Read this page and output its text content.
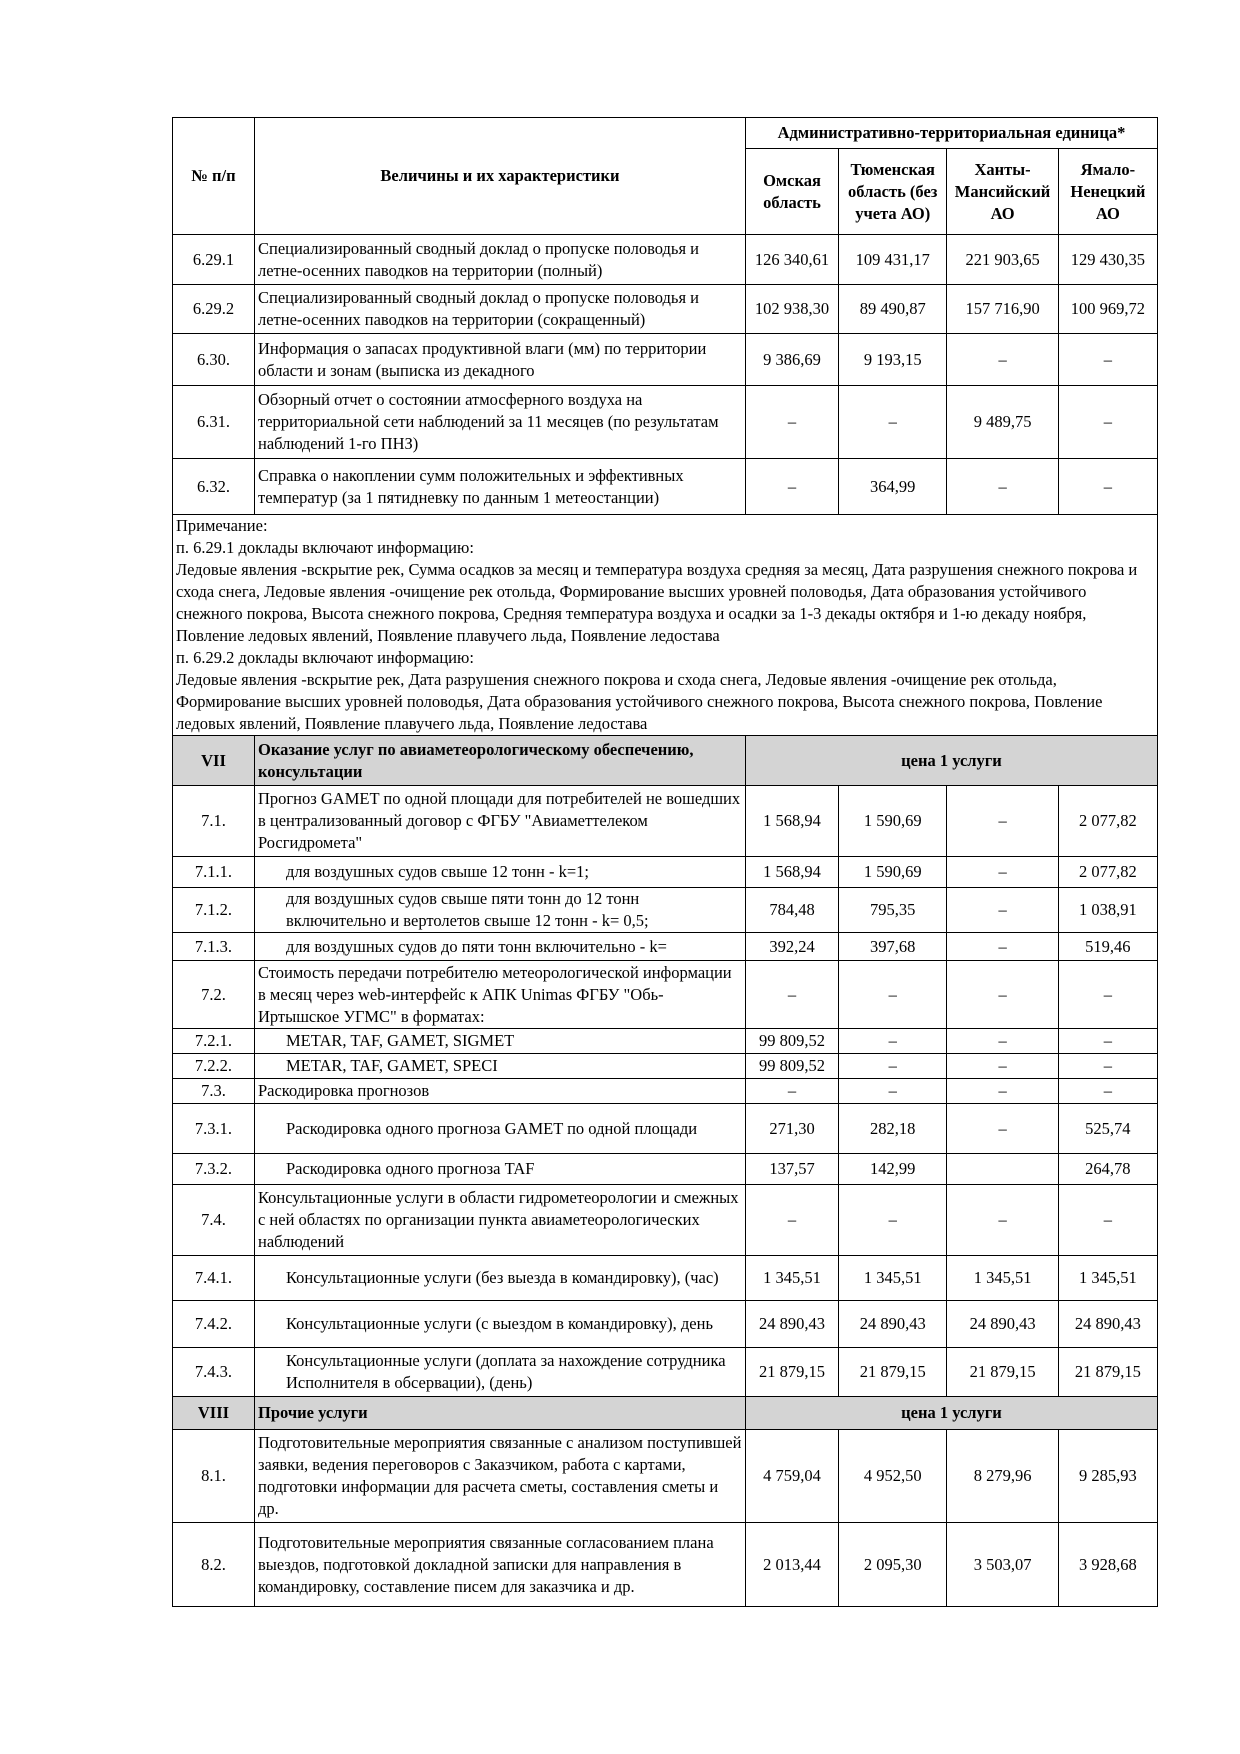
№ п/п	Величины и их характеристики	Административно-территориальная единица*			
		Омская область	Тюменская область (без учета АО)	Ханты-Мансийский АО	Ямало-Ненецкий АО
6.29.1	Специализированный сводный доклад о пропуске половодья и летне-осенних паводков на территории (полный)	126 340,61	109 431,17	221 903,65	129 430,35
6.29.2	Специализированный сводный доклад о пропуске половодья и летне-осенних паводков на территории (сокращенный)	102 938,30	89 490,87	157 716,90	100 969,72
6.30.	Информация о запасах продуктивной влаги (мм) по территории области и зонам (выписка из декадного	9 386,69	9 193,15	–	–
6.31.	Обзорный отчет о состоянии атмосферного воздуха на территориальной сети наблюдений за 11 месяцев (по результатам наблюдений 1-го ПНЗ)	–	–	9 489,75	–
6.32.	Справка о накоплении сумм положительных и эффективных температур (за 1 пятидневку по данным 1 метеостанции)	–	364,99	–	–

Примечание:
п. 6.29.1 доклады включают информацию:
Ледовые явления -вскрытие рек, Сумма осадков за месяц и температура воздуха средняя за месяц, Дата разрушения снежного покрова и схода снега, Ледовые явления -очищение рек отольда, Формирование высших уровней половодья, Дата образования устойчивого снежного покрова, Высота снежного покрова, Средняя температура воздуха и осадки за 1-3 декады октября и 1-ю декаду ноября, Повление ледовых явлений, Появление плавучего льда, Появление ледостава
п. 6.29.2 доклады включают информацию:
Ледовые явления -вскрытие рек, Дата разрушения снежного покрова и схода снега, Ледовые явления -очищение рек отольда, Формирование высших уровней половодья, Дата образования устойчивого снежного покрова, Высота снежного покрова, Повление ледовых явлений, Появление плавучего льда, Появление ледостава					

VII	Оказание услуг по авиаметеорологическому обеспечению, консультации	цена 1 услуги			
7.1.	Прогноз GAMET по одной площади для потребителей не вошедших в централизованный договор с ФГБУ "Авиаметтелеком Росгидромета"	1 568,94	1 590,69	–	2 077,82
7.1.1.	для воздушных судов свыше 12 тонн - k=1;	1 568,94	1 590,69	–	2 077,82
7.1.2.	для воздушных судов свыше пяти тонн до 12 тонн включительно и вертолетов свыше 12 тонн - k= 0,5;	784,48	795,35	–	1 038,91
7.1.3.	для воздушных судов до пяти тонн включительно - k=	392,24	397,68	–	519,46
7.2.	Стоимость передачи потребителю метеорологической информации в месяц через web-интерфейс к АПК Unimas ФГБУ "Обь-Иртышское УГМС" в форматах:	–	–	–	–
7.2.1.	METAR, TAF, GAMET, SIGMET	99 809,52	–	–	–
7.2.2.	METAR, TAF, GAMET, SPECI	99 809,52	–	–	–
7.3.	Раскодировка прогнозов	–	–	–	–
7.3.1.	Раскодировка одного прогноза GAMET по одной площади	271,30	282,18	–	525,74
7.3.2.	Раскодировка одного прогноза TAF	137,57	142,99		264,78
7.4.	Консультационные услуги в области гидрометеорологии и смежных с ней областях по организации пункта авиаметеорологических наблюдений	–	–	–	–
7.4.1.	Консультационные услуги (без выезда в командировку), (час)	1 345,51	1 345,51	1 345,51	1 345,51
7.4.2.	Консультационные услуги (с выездом в командировку), день	24 890,43	24 890,43	24 890,43	24 890,43
7.4.3.	Консультационные услуги (доплата за нахождение сотрудника Исполнителя в обсервации), (день)	21 879,15	21 879,15	21 879,15	21 879,15
VIII	Прочие услуги	цена 1 услуги			
8.1.	Подготовительные мероприятия связанные с анализом поступившей заявки, ведения переговоров с Заказчиком, работа с картами, подготовки информации для расчета сметы, составления сметы и др.	4 759,04	4 952,50	8 279,96	9 285,93
8.2.	Подготовительные мероприятия связанные согласованием плана выездов, подготовкой докладной записки для направления в командировку, составление писем для заказчика и др.	2 013,44	2 095,30	3 503,07	3 928,68
